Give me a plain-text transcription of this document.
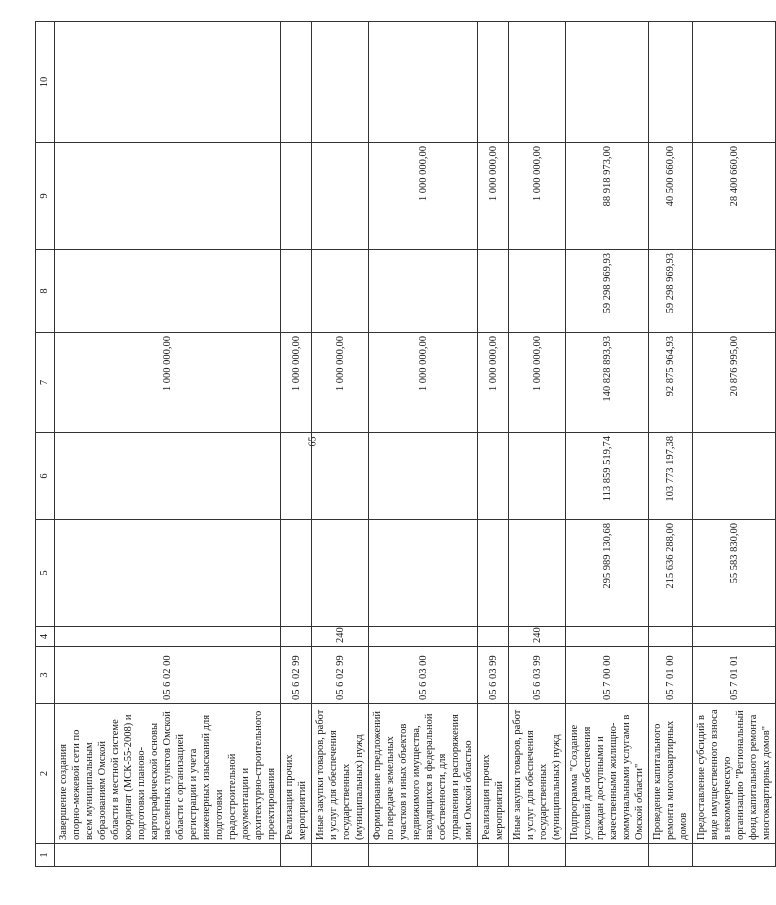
65
1	2	3	4	5	6	7	8	9	10
	Завершение создания опорно-межевой сети по всем муниципальным образованиям Омской области в местной системе координат (МСК-55-2008) и подготовки планово-картографической основы населенных пунктов Омской области с организацией регистрации и учета инженерных изысканий для подготовки градостроительной документации и архитектурно-строительного проектирования	05 6 02 00				1 000 000,00			
	Реализация прочих мероприятий	05 6 02 99				1 000 000,00			
	Иные закупки товаров, работ и услуг для обеспечения государственных (муниципальных) нужд	05 6 02 99	240			1 000 000,00			
	Формирование предложений по передаче земельных участков и иных объектов недвижимого имущества, находящихся в федеральной собственности, для управления и распоряжения ими Омской областью	05 6 03 00				1 000 000,00		1 000 000,00	
	Реализация прочих мероприятий	05 6 03 99				1 000 000,00		1 000 000,00	
	Иные закупки товаров, работ и услуг для обеспечения государственных (муниципальных) нужд	05 6 03 99	240			1 000 000,00		1 000 000,00	
	Подпрограмма "Создание условий для обеспечения граждан доступными и качественными жилищно-коммунальными услугами в Омской области"	05 7 00 00		295 989 130,68	113 859 519,74	140 828 893,93	59 298 969,93	88 918 973,00	
	Проведение капитального ремонта многоквартирных домов	05 7 01 00		215 636 288,00	103 773 197,38	92 875 964,93	59 298 969,93	40 500 660,00	
	Предоставление субсидий в виде имущественного взноса в некоммерческую организацию "Региональный фонд капитального ремонта многоквартирных домов"	05 7 01 01		55 583 830,00		20 876 995,00		28 400 660,00	
